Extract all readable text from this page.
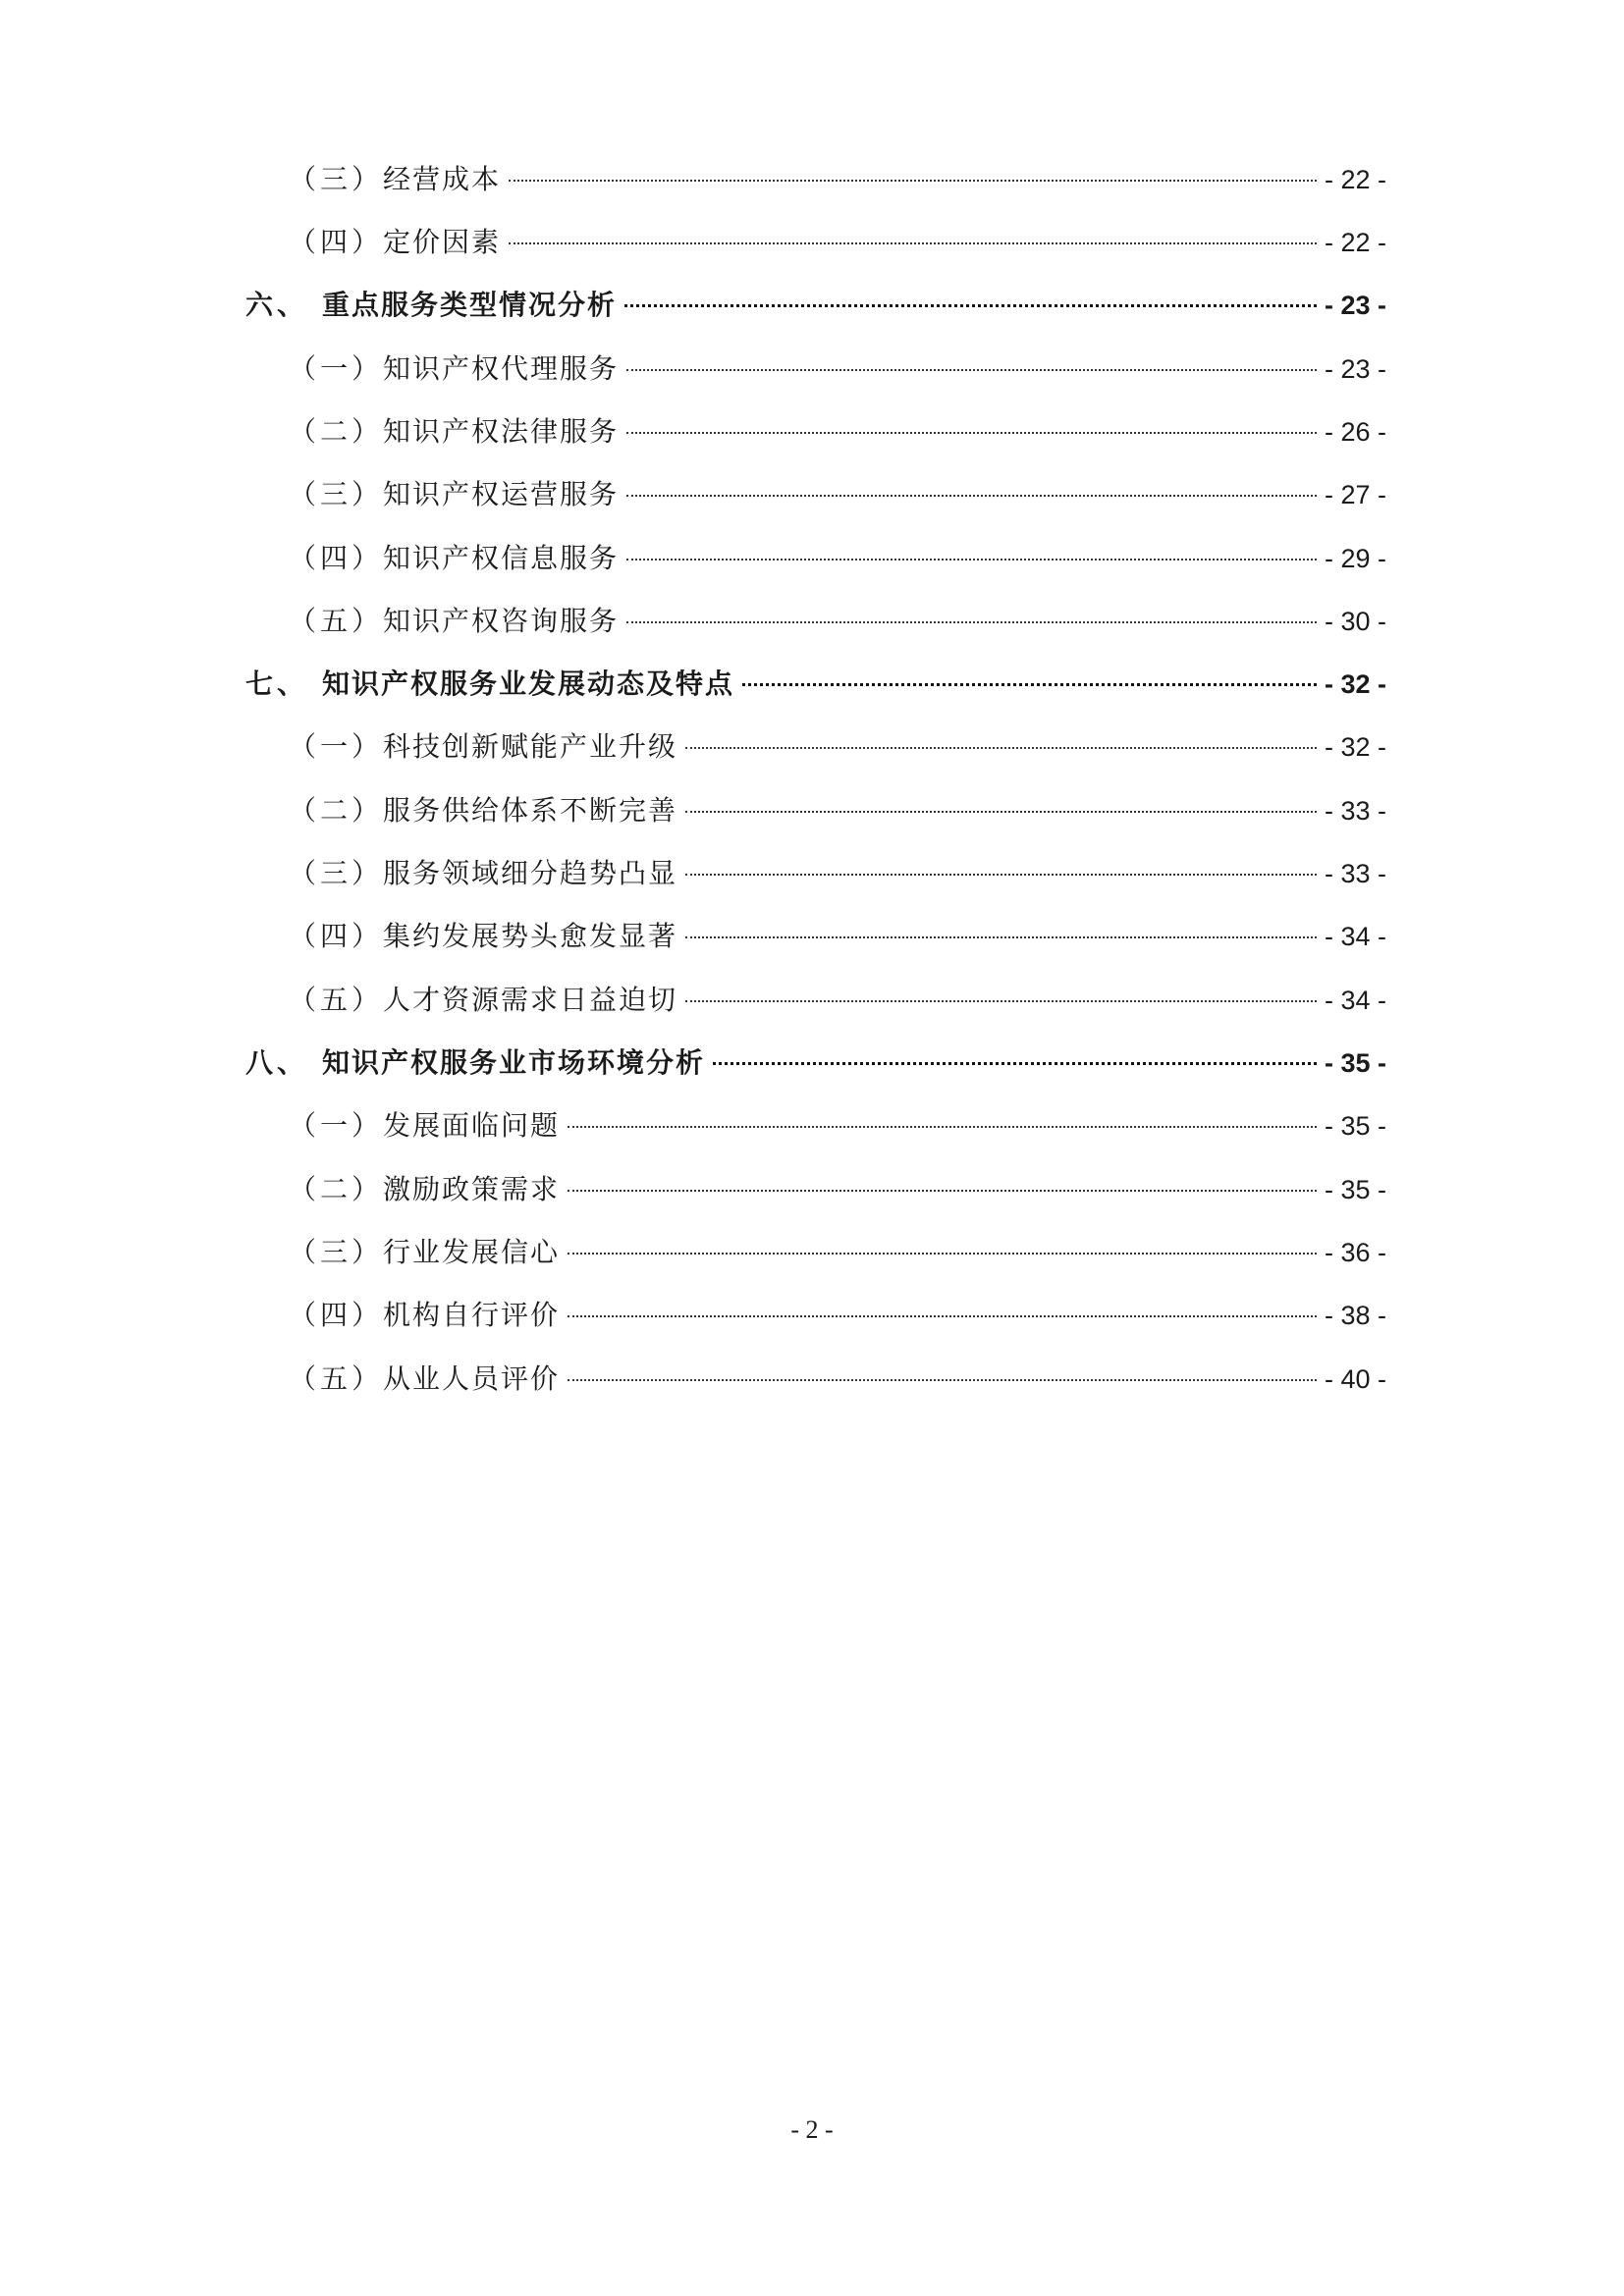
（三） 经营成本	- 22 -
（四） 定价因素	- 22 -
六、 重点服务类型情况分析	- 23 -
（一） 知识产权代理服务	- 23 -
（二） 知识产权法律服务	- 26 -
（三） 知识产权运营服务	- 27 -
（四） 知识产权信息服务	- 29 -
（五） 知识产权咨询服务	- 30 -
七、 知识产权服务业发展动态及特点	- 32 -
（一） 科技创新赋能产业升级	- 32 -
（二） 服务供给体系不断完善	- 33 -
（三） 服务领域细分趋势凸显	- 33 -
（四） 集约发展势头愈发显著	- 34 -
（五） 人才资源需求日益迫切	- 34 -
八、 知识产权服务业市场环境分析	- 35 -
（一） 发展面临问题	- 35 -
（二） 激励政策需求	- 35 -
（三） 行业发展信心	- 36 -
（四） 机构自行评价	- 38 -
（五） 从业人员评价	- 40 -
- 2 -
